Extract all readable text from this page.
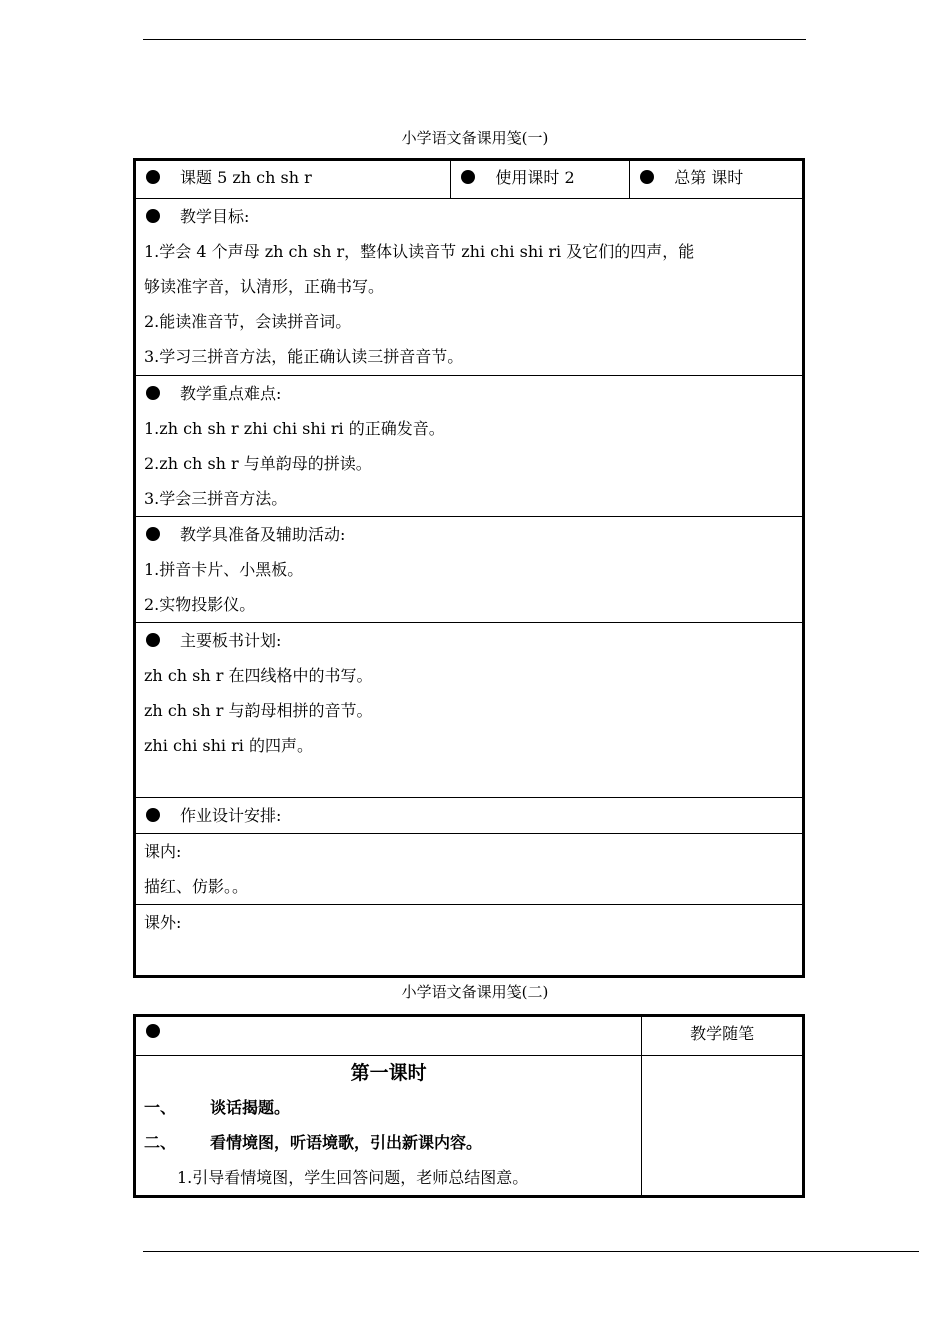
小学语文备课用笺(一)
课题 5 zh ch sh r	使用课时 2	总第 课时

教学目标:
1.学会 4 个声母 zh ch sh r，整体认读音节 zhi chi shi ri 及它们的四声，能
够读准字音，认清形，正确书写。
2.能读准音节，会读拼音词。
3.学习三拼音方法，能正确认读三拼音音节。

教学重点难点:
1.zh ch sh r zhi chi shi ri 的正确发音。
2.zh ch sh r 与单韵母的拼读。
3.学会三拼音方法。

教学具准备及辅助活动:
1.拼音卡片、小黑板。
2.实物投影仪。

主要板书计划:
zh ch sh r 在四线格中的书写。
zh ch sh r 与韵母相拼的音节。
zhi chi shi ri 的四声。

作业设计安排:

课内:
描红、仿影。。

课外:
小学语文备课用笺(二)

	教学随笔

第一课时
一、 谈话揭题。
二、 看情境图，听语境歌，引出新课内容。
1.引导看情境图，学生回答问题，老师总结图意。	
